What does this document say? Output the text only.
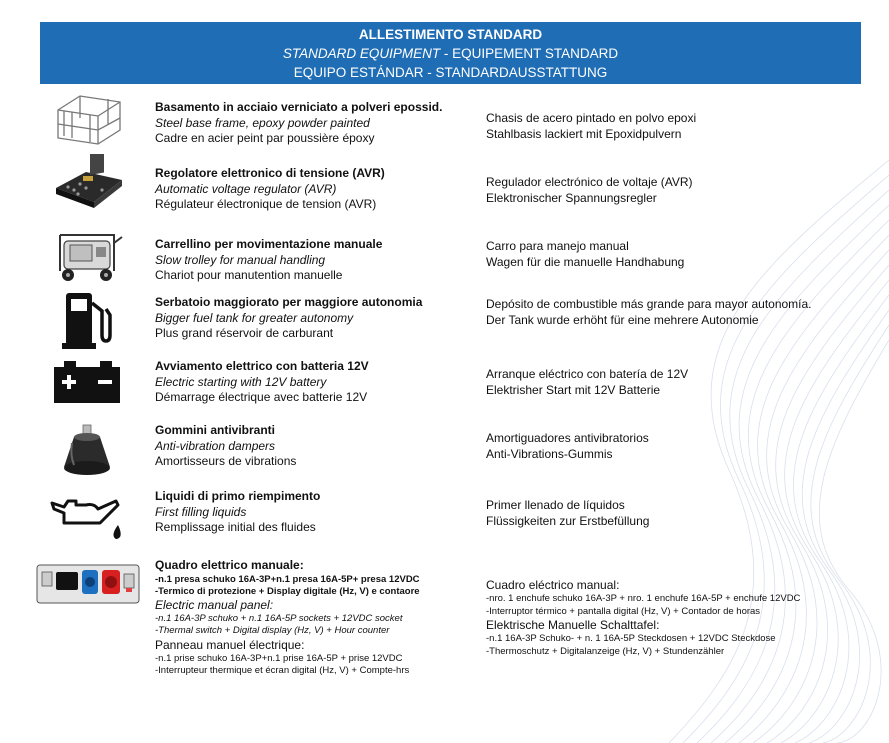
ALLESTIMENTO STANDARD
STANDARD EQUIPMENT - EQUIPEMENT STANDARD
EQUIPO ESTÁNDAR - STANDARDAUSSTATTUNG
Basamento in acciaio verniciato a polveri epossid.
Steel base frame, epoxy powder painted
Cadre en acier peint par poussière époxy
Chasis de acero pintado en polvo epoxi
Stahlbasis lackiert mit Epoxidpulvern
Regolatore elettronico di tensione (AVR)
Automatic voltage regulator (AVR)
Régulateur électronique de tension (AVR)
Regulador electrónico de voltaje (AVR)
Elektronischer Spannungsregler
Carrellino per movimentazione manuale
Slow trolley for manual handling
Chariot pour manutention manuelle
Carro para manejo manual
Wagen für die manuelle Handhabung
Serbatoio maggiorato per maggiore autonomia
Bigger fuel tank for greater autonomy
Plus grand réservoir de carburant
Depósito de combustible más grande para mayor autonomía.
Der Tank wurde erhöht für eine mehrere Autonomie
Avviamento elettrico con batteria 12V
Electric starting with 12V battery
Démarrage électrique avec batterie 12V
Arranque eléctrico con batería de 12V
Elektrisher Start mit 12V Batterie
Gommini antivibranti
Anti-vibration dampers
Amortisseurs de vibrations
Amortiguadores antivibratorios
Anti-Vibrations-Gummis
Liquidi di primo riempimento
First filling liquids
Remplissage initial des fluides
Primer llenado de líquidos
Flüssigkeiten zur Erstbefüllung
Quadro elettrico manuale:
-n.1 presa schuko 16A-3P+n.1 presa 16A-5P+ presa 12VDC
-Termico di protezione + Display digitale (Hz, V) e contaore
Electric manual panel:
-n.1 16A-3P schuko + n.1 16A-5P sockets + 12VDC socket
-Thermal switch + Digital display (Hz, V) + Hour counter
Panneau manuel électrique:
-n.1 prise schuko 16A-3P+n.1 prise 16A-5P + prise 12VDC
-Interrupteur thermique et écran digital (Hz, V) + Compte-hrs
Cuadro eléctrico manual:
-nro. 1 enchufe schuko 16A-3P + nro. 1 enchufe 16A-5P + enchufe 12VDC
-Interruptor térmico + pantalla digital (Hz, V) + Contador de horas
Elektrische Manuelle Schalttafel:
-n.1 16A-3P Schuko- + n. 1 16A-5P Steckdosen + 12VDC Steckdose
-Thermoschutz + Digitalanzeige (Hz, V) + Stundenzähler
